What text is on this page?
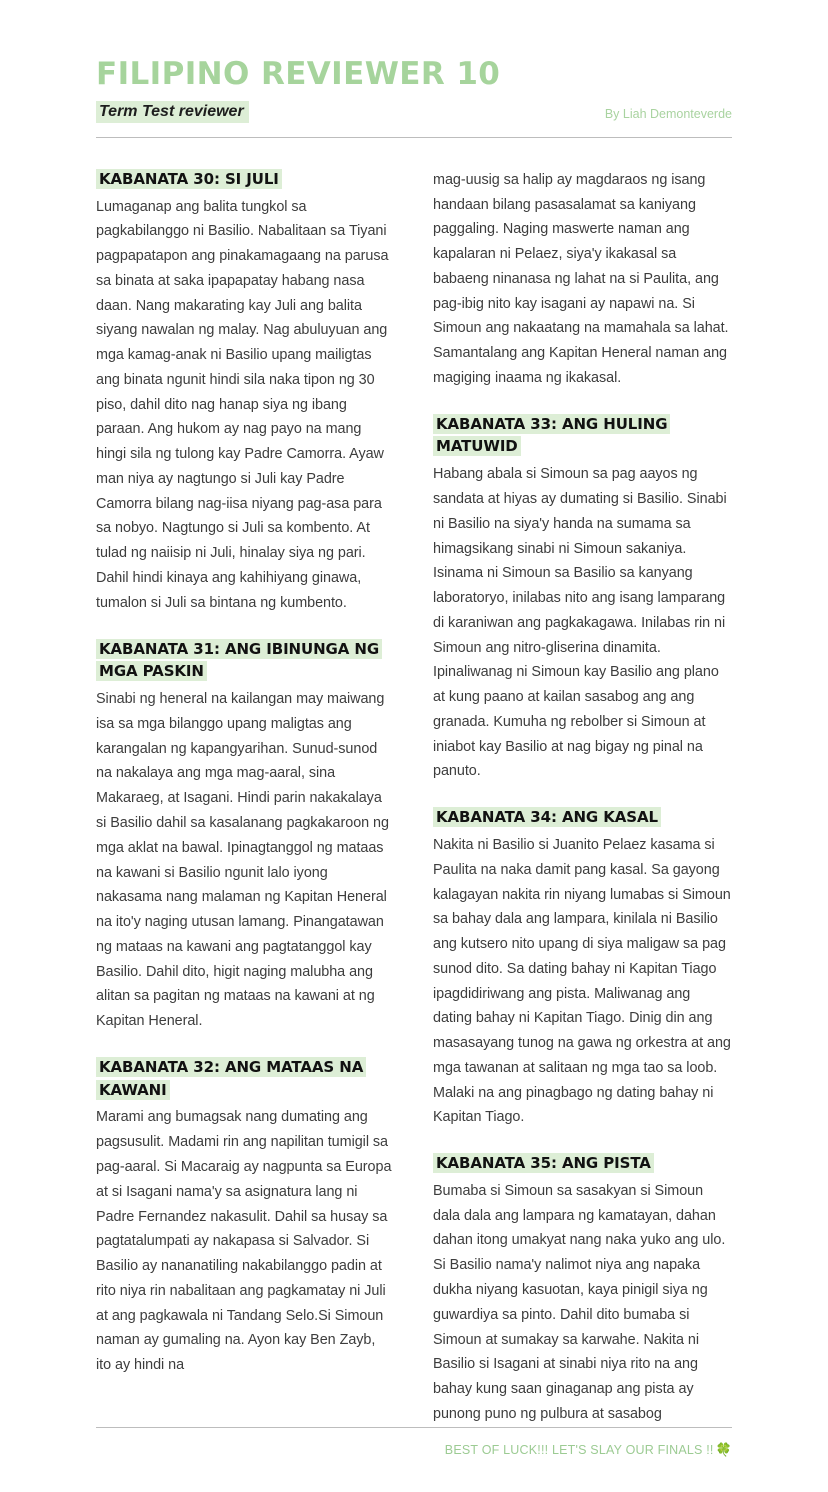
FILIPINO REVIEWER 10
Term Test reviewer	By Liah Demonteverde
KABANATA 30: SI JULI

Lumaganap ang balita tungkol sa pagkabilanggo ni Basilio. Nabalitaan sa Tiyani pagpapatapon ang pinakamagaang na parusa sa binata at saka ipapapatay habang nasa daan. Nang makarating kay Juli ang balita siyang nawalan ng malay. Nag abuluyuan ang mga kamag-anak ni Basilio upang mailigtas ang binata ngunit hindi sila naka tipon ng 30 piso, dahil dito nag hanap siya ng ibang paraan. Ang hukom ay nag payo na mang hingi sila ng tulong kay Padre Camorra. Ayaw man niya ay nagtungo si Juli kay Padre Camorra bilang nag-iisa niyang pag-asa para sa nobyo. Nagtungo si Juli sa kombento. At tulad ng naiisip ni Juli, hinalay siya ng pari. Dahil hindi kinaya ang kahihiyang ginawa, tumalon si Juli sa bintana ng kumbento.

KABANATA 31: ANG IBINUNGA NG MGA PASKIN

Sinabi ng heneral na kailangan may maiwang isa sa mga bilanggo upang maligtas ang karangalan ng kapangyarihan. Sunud-sunod na nakalaya ang mga mag-aaral, sina Makaraeg, at Isagani. Hindi parin nakakalaya si Basilio dahil sa kasalanang pagkakaroon ng mga aklat na bawal. Ipinagtanggol ng mataas na kawani si Basilio ngunit lalo iyong nakasama nang malaman ng Kapitan Heneral na ito'y naging utusan lamang. Pinangatawan ng mataas na kawani ang pagtatanggol kay Basilio. Dahil dito, higit naging malubha ang alitan sa pagitan ng mataas na kawani at ng Kapitan Heneral.

KABANATA 32: ANG MATAAS NA KAWANI

Marami ang bumagsak nang dumating ang pagsusulit. Madami rin ang napilitan tumigil sa pag-aaral. Si Macaraig ay nagpunta sa Europa at si Isagani nama'y sa asignatura lang ni Padre Fernandez nakasulit. Dahil sa husay sa pagtatalumpati ay nakapasa si Salvador. Si Basilio ay nananatiling nakabilanggo padin at rito niya rin nabalitaan ang pagkamatay ni Juli at ang pagkawala ni Tandang Selo.Si Simoun naman ay gumaling na. Ayon kay Ben Zayb, ito ay hindi na

mag-uusig sa halip ay magdaraos ng isang handaan bilang pasasalamat sa kaniyang paggaling. Naging maswerte naman ang kapalaran ni Pelaez, siya'y ikakasal sa babaeng ninanasa ng lahat na si Paulita, ang pag-ibig nito kay isagani ay napawi na. Si Simoun ang nakaatang na mamahala sa lahat. Samantalang ang Kapitan Heneral naman ang magiging inaama ng ikakasal.

KABANATA 33: ANG HULING MATUWID

Habang abala si Simoun sa pag aayos ng sandata at hiyas ay dumating si Basilio. Sinabi ni Basilio na siya'y handa na sumama sa himagsikang sinabi ni Simoun sakaniya. Isinama ni Simoun sa Basilio sa kanyang laboratoryo, inilabas nito ang isang lamparang di karaniwan ang pagkakagawa. Inilabas rin ni Simoun ang nitro-gliserina dinamita. Ipinaliwanag ni Simoun kay Basilio ang plano at kung paano at kailan sasabog ang ang granada. Kumuha ng rebolber si Simoun at iniabot kay Basilio at nag bigay ng pinal na panuto.

KABANATA 34: ANG KASAL

Nakita ni Basilio si Juanito Pelaez kasama si Paulita na naka damit pang kasal. Sa gayong kalagayan nakita rin niyang lumabas si Simoun sa bahay dala ang lampara, kinilala ni Basilio ang kutsero nito upang di siya maligaw sa pag sunod dito. Sa dating bahay ni Kapitan Tiago ipagdidiriwang ang pista. Maliwanag ang dating bahay ni Kapitan Tiago. Dinig din ang masasayang tunog na gawa ng orkestra at ang mga tawanan at salitaan ng mga tao sa loob. Malaki na ang pinagbago ng dating bahay ni Kapitan Tiago.

KABANATA 35: ANG PISTA

Bumaba si Simoun sa sasakyan si Simoun dala dala ang lampara ng kamatayan, dahan dahan itong umakyat nang naka yuko ang ulo. Si Basilio nama'y nalimot niya ang napaka dukha niyang kasuotan, kaya pinigil siya ng guwardiya sa pinto. Dahil dito bumaba si Simoun at sumakay sa karwahe. Nakita ni Basilio si Isagani at sinabi niya rito na ang bahay kung saan ginaganap ang pista ay punong puno ng pulbura at sasabog

BEST OF LUCK!!! LET'S SLAY OUR FINALS !! 🍀
